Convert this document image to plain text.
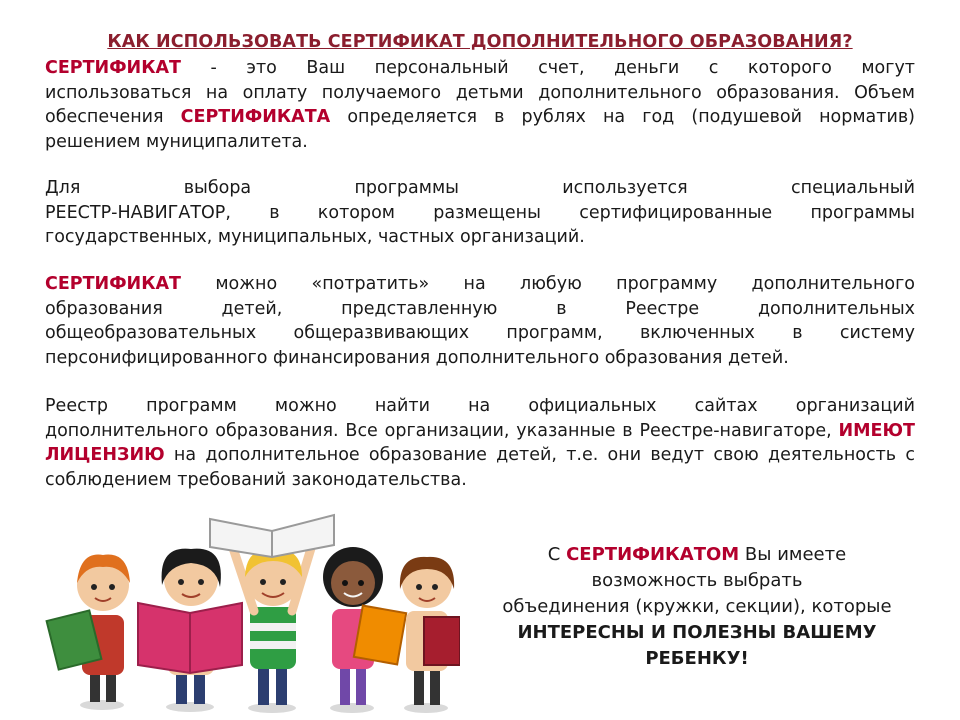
КАК ИСПОЛЬЗОВАТЬ СЕРТИФИКАТ ДОПОЛНИТЕЛЬНОГО ОБРАЗОВАНИЯ?
СЕРТИФИКАТ - это Ваш персональный счет, деньги с которого могут
использоваться на оплату получаемого детьми дополнительного образования. Объем
обеспечения СЕРТИФИКАТА определяется в рублях на год (подушевой норматив)
решением муниципалитета.
Для выбора программы используется специальный
РЕЕСТР-НАВИГАТОР, в котором размещены сертифицированные программы
государственных, муниципальных, частных организаций.
СЕРТИФИКАТ можно «потратить» на любую программу дополнительного
образования детей, представленную в Реестре дополнительных
общеобразовательных общеразвивающих программ, включенных в систему
персонифицированного финансирования дополнительного образования детей.
Реестр программ можно найти на официальных сайтах организаций
дополнительного образования. Все организации, указанные в Реестре-навигаторе, ИМЕЮТ
ЛИЦЕНЗИЮ на дополнительное образование детей, т.е. они ведут свою деятельность с
соблюдением требований законодательства.
С СЕРТИФИКАТОМ Вы имеете
возможность выбрать
объединения (кружки, секции), которые
ИНТЕРЕСНЫ И ПОЛЕЗНЫ ВАШЕМУ
РЕБЕНКУ!
